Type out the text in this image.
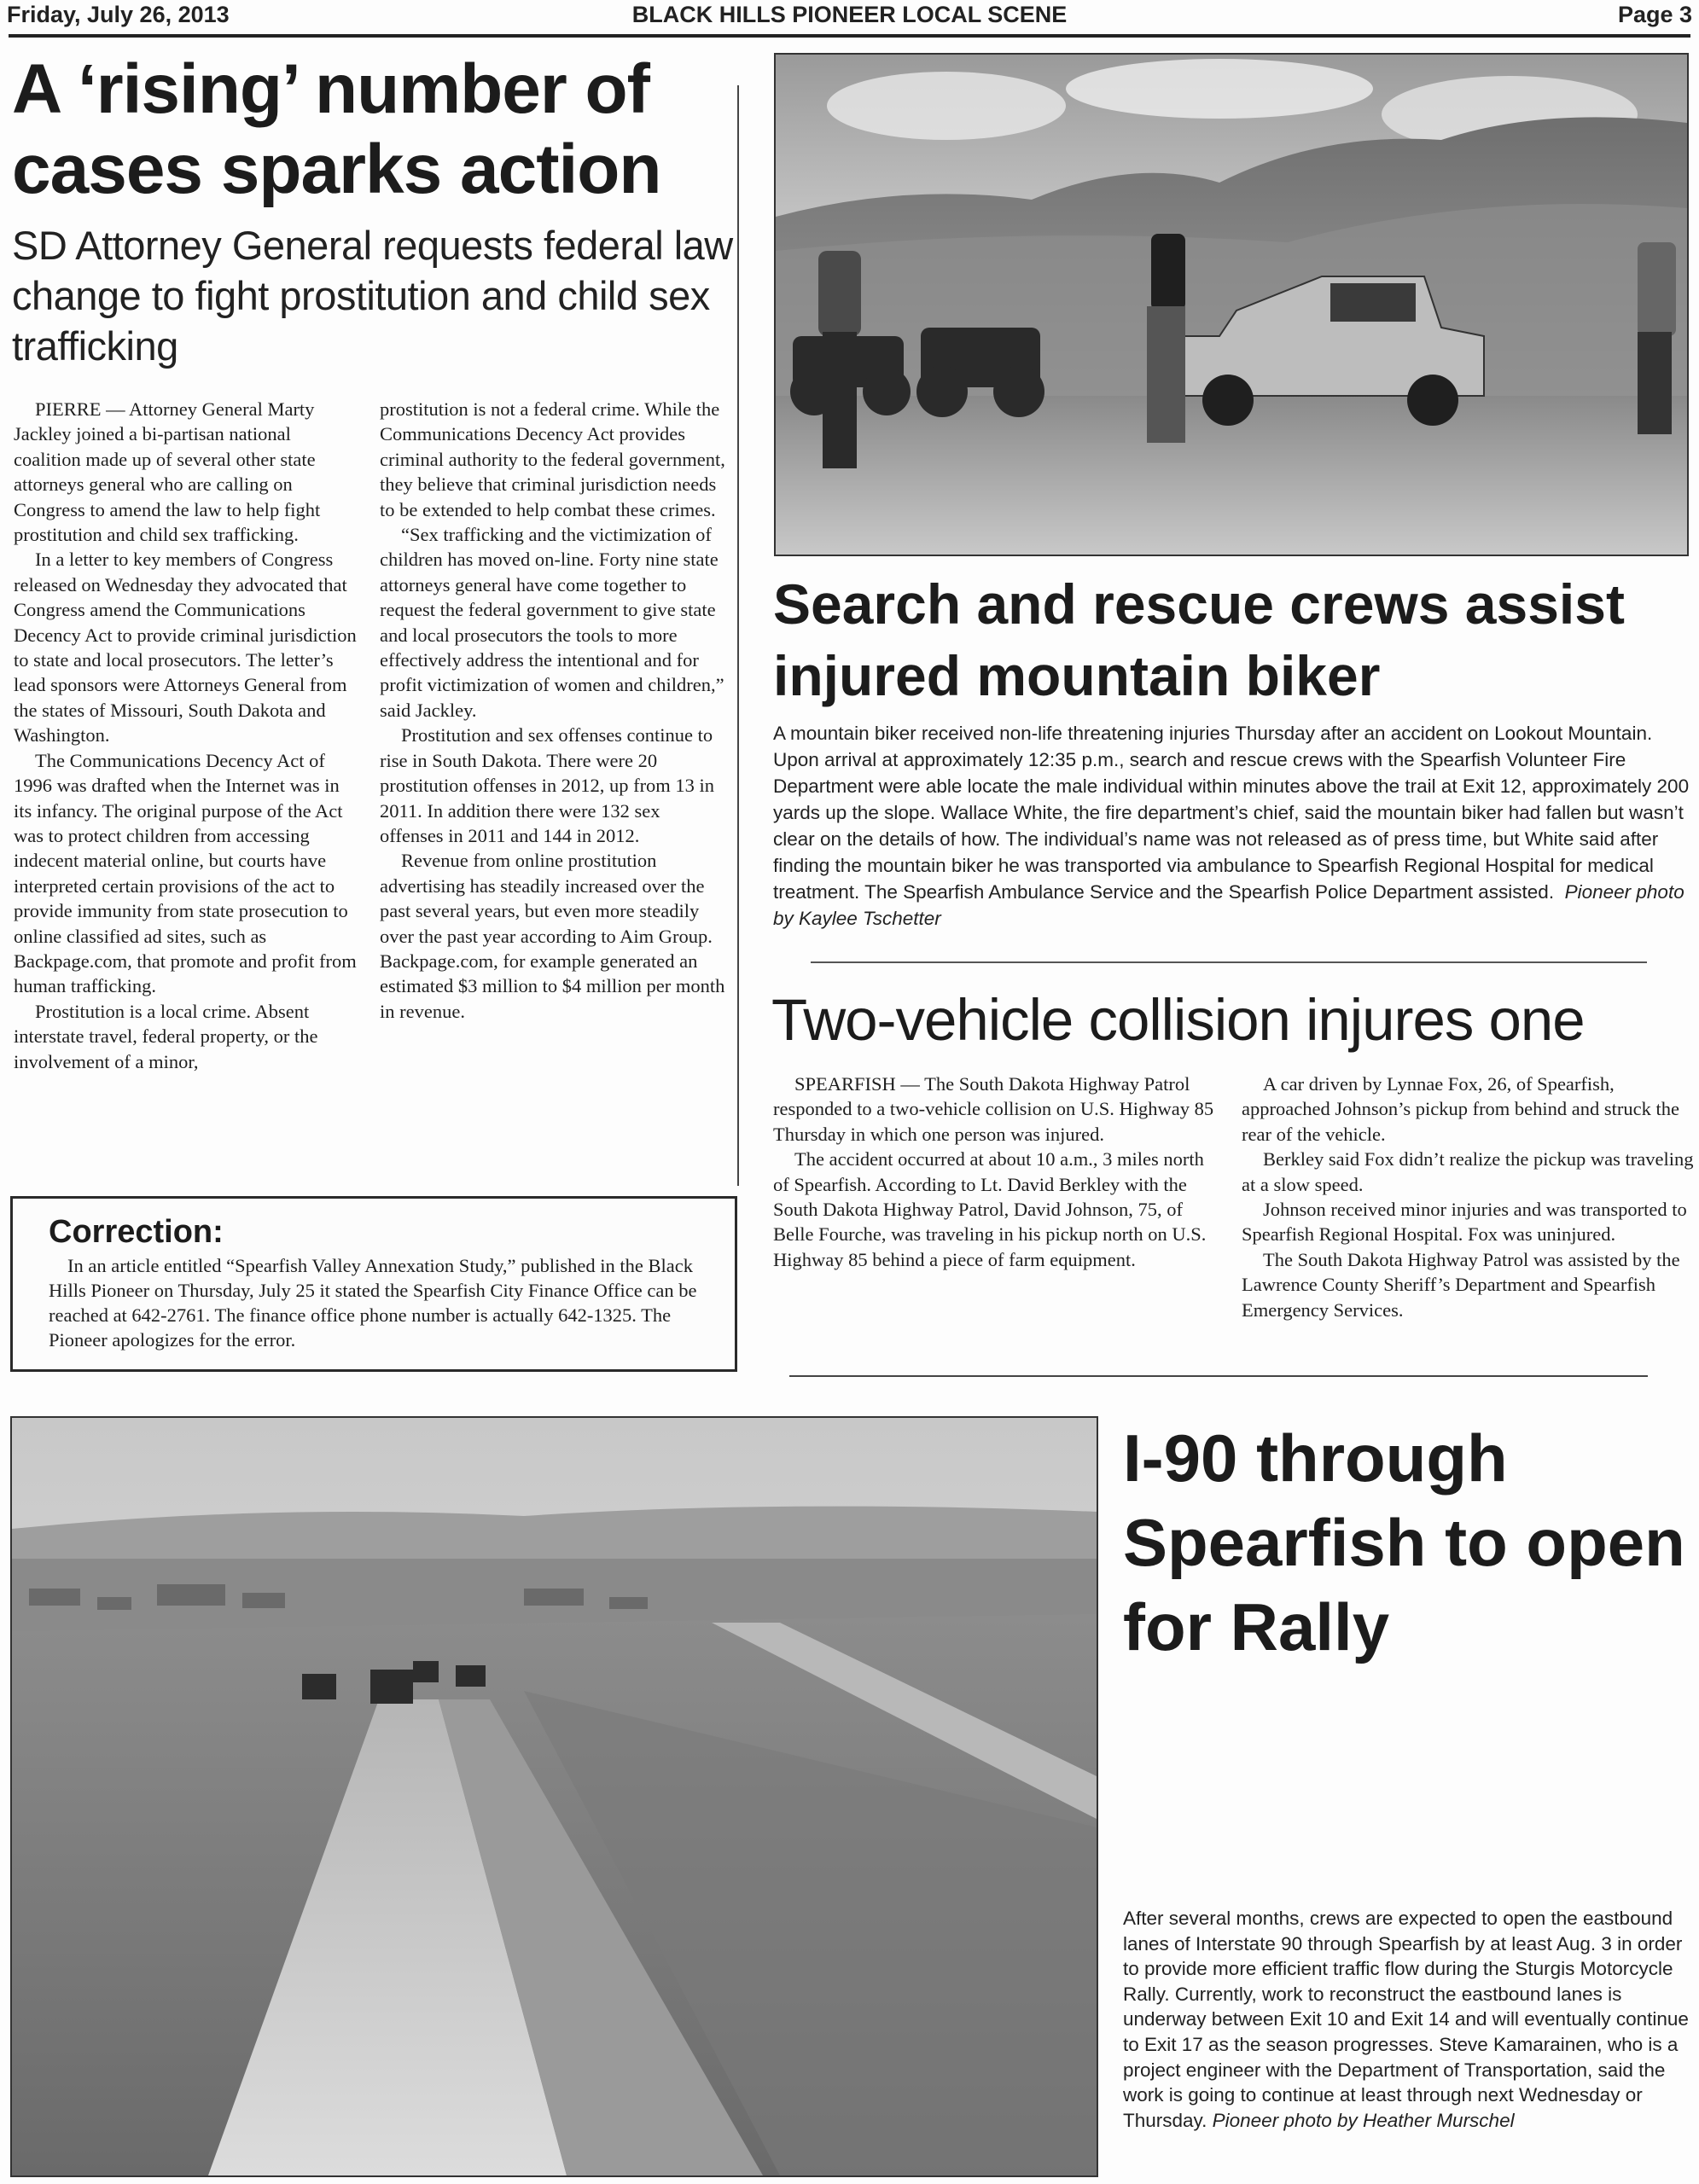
Friday, July 26, 2013	BLACK HILLS PIONEER LOCAL SCENE	Page 3
A ‘rising’ number of cases sparks action
SD Attorney General requests federal law change to fight prostitution and child sex trafficking

PIERRE — Attorney General Marty Jackley joined a bi-partisan national coalition made up of several other state attorneys general who are calling on Congress to amend the law to help fight prostitution and child sex trafficking.

In a letter to key members of Congress released on Wednesday they advocated that Congress amend the Communications Decency Act to provide criminal jurisdiction to state and local prosecutors. The letter’s lead sponsors were Attorneys General from the states of Missouri, South Dakota and Washington.

The Communications Decency Act of 1996 was drafted when the Internet was in its infancy. The original purpose of the Act was to protect children from accessing indecent material online, but courts have interpreted certain provisions of the act to provide immunity from state prosecution to online classified ad sites, such as Backpage.com, that promote and profit from human trafficking.

Prostitution is a local crime. Absent interstate travel, federal property, or the involvement of a minor,

prostitution is not a federal crime. While the Communications Decency Act provides criminal authority to the federal government, they believe that criminal jurisdiction needs to be extended to help combat these crimes.

“Sex trafficking and the victimization of children has moved on-line. Forty nine state attorneys general have come together to request the federal government to give state and local prosecutors the tools to more effectively address the intentional and for profit victimization of women and children,” said Jackley.

Prostitution and sex offenses continue to rise in South Dakota. There were 20 prostitution offenses in 2012, up from 13 in 2011. In addition there were 132 sex offenses in 2011 and 144 in 2012.

Revenue from online prostitution advertising has steadily increased over the past several years, but even more steadily over the past year according to Aim Group. Backpage.com, for example generated an estimated $3 million to $4 million per month in revenue.

Correction:
In an article entitled “Spearfish Valley Annexation Study,” published in the Black Hills Pioneer on Thursday, July 25 it stated the Spearfish City Finance Office can be reached at 642-2761. The finance office phone number is actually 642-1325. The Pioneer apologizes for the error.
Search and rescue crews assist injured mountain biker
A mountain biker received non-life threatening injuries Thursday after an accident on Lookout Mountain. Upon arrival at approximately 12:35 p.m., search and rescue crews with the Spearfish Volunteer Fire Department were able locate the male individual within minutes above the trail at Exit 12, approximately 200 yards up the slope. Wallace White, the fire department’s chief, said the mountain biker had fallen but wasn’t clear on the details of how. The individual’s name was not released as of press time, but White said after finding the mountain biker he was transported via ambulance to Spearfish Regional Hospital for medical treatment. The Spearfish Ambulance Service and the Spearfish Police Department assisted. Pioneer photo by Kaylee Tschetter
Two-vehicle collision injures one

SPEARFISH — The South Dakota Highway Patrol responded to a two-vehicle collision on U.S. Highway 85 Thursday in which one person was injured.

The accident occurred at about 10 a.m., 3 miles north of Spearfish. According to Lt. David Berkley with the South Dakota Highway Patrol, David Johnson, 75, of Belle Fourche, was traveling in his pickup north on U.S. Highway 85 behind a piece of farm equipment.

A car driven by Lynnae Fox, 26, of Spearfish, approached Johnson’s pickup from behind and struck the rear of the vehicle.

Berkley said Fox didn’t realize the pickup was traveling at a slow speed.

Johnson received minor injuries and was transported to Spearfish Regional Hospital. Fox was uninjured.

The South Dakota Highway Patrol was assisted by the Lawrence County Sheriff’s Department and Spearfish Emergency Services.

I-90 through Spearfish to open for Rally
After several months, crews are expected to open the eastbound lanes of Interstate 90 through Spearfish by at least Aug. 3 in order to provide more efficient traffic flow during the Sturgis Motorcycle Rally. Currently, work to reconstruct the eastbound lanes is underway between Exit 10 and Exit 14 and will eventually continue to Exit 17 as the season progresses. Steve Kamarainen, who is a project engineer with the Department of Transportation, said the work is going to continue at least through next Wednesday or Thursday. Pioneer photo by Heather Murschel
